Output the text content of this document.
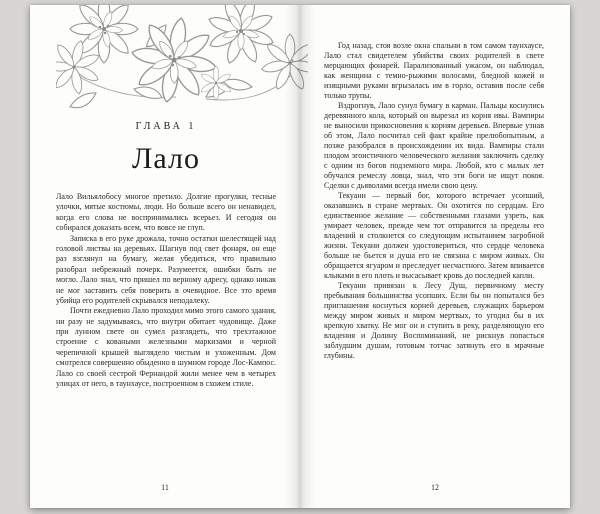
ГЛАВА 1
Лало

Лало Вильялобосу многое претило. Долгие прогулки, тесные улочки, мятые костюмы, люди. Но больше всего он ненавидел, когда его слова не воспринимались всерьез. И сегодня он собирался доказать всем, что вовсе не глуп.

Записка в его руке дрожала, точно остатки шелестящей над головой листвы на деревьях. Шагнув под свет фонаря, он еще раз взглянул на бумагу, желая убедиться, что правильно разобрал небрежный почерк. Разумеется, ошибки быть не могло. Лало знал, что пришел по верному адресу, однако никак не мог заставить себя поверить в очевидное. Все это время убийца его родителей скрывался неподалеку.

Почти ежедневно Лало проходил мимо этого самого здания, ни разу не задумываясь, что внутри обитает чудовище. Даже при лунном свете он сумел разглядеть, что трехэтажное строение с коваными железными маркизами и черной черепичной крышей выглядело чистым и ухоженным. Дом смотрелся совершенно обыденно в шумном городе Лос-Кампос. Лало со своей сестрой Фернандой жили менее чем в четырех улицах от него, в таунхаусе, построенном в схожем стиле.

11

Год назад, стоя возле окна спальни в том самом таунхаусе, Лало стал свидетелем убийства своих родителей в свете мерцающих фонарей. Парализованный ужасом, он наблюдал, как женщина с темно-рыжими волосами, бледной кожей и изящными руками вгрызалась им в горло, оставив после себя только трупы.

Вздрогнув, Лало сунул бумагу в карман. Пальцы коснулись деревянного кола, который он вырезал из корня ивы. Вампиры не выносили прикосновения к корням деревьев. Впервые узнав об этом, Лало посчитал сей факт крайне прелюбопытным, а позже разобрался в происхождении их вида. Вампиры стали плодом эгоистичного человеческого желания заключить сделку с одним из богов подземного мира. Любой, кто с малых лет обучался ремеслу ловца, знал, что эти боги не ищут покоя. Сделки с дьяволами всегда имели свою цену.

Текуани — первый бог, которого встречает усопший, оказавшись в стране мертвых. Он охотится по сердцам. Его единственное желание — собственными глазами узреть, как умирает человек, прежде чем тот отправится за пределы его владений и столкнется со следующим испытанием загробной жизни. Текуани должен удостовериться, что сердце человека больше не бьется и душа его не связана с миром живых. Он обращается ягуаром и преследует несчастного. Затем впивается клыками в его плоть и высасывает кровь до последней капли.

Текуани привязан к Лесу Душ, первичному месту пребывания большинства усопших. Если бы он попытался без приглашения коснуться корней деревьев, служащих барьером между миром живых и миром мертвых, то угодил бы в их крепкую хватку. Не мог он и ступить в реку, разделяющую его владения и Долину Воспоминаний, не рискнув попасться заблудшим душам, готовым тотчас затянуть его в мрачные глубины.

12
